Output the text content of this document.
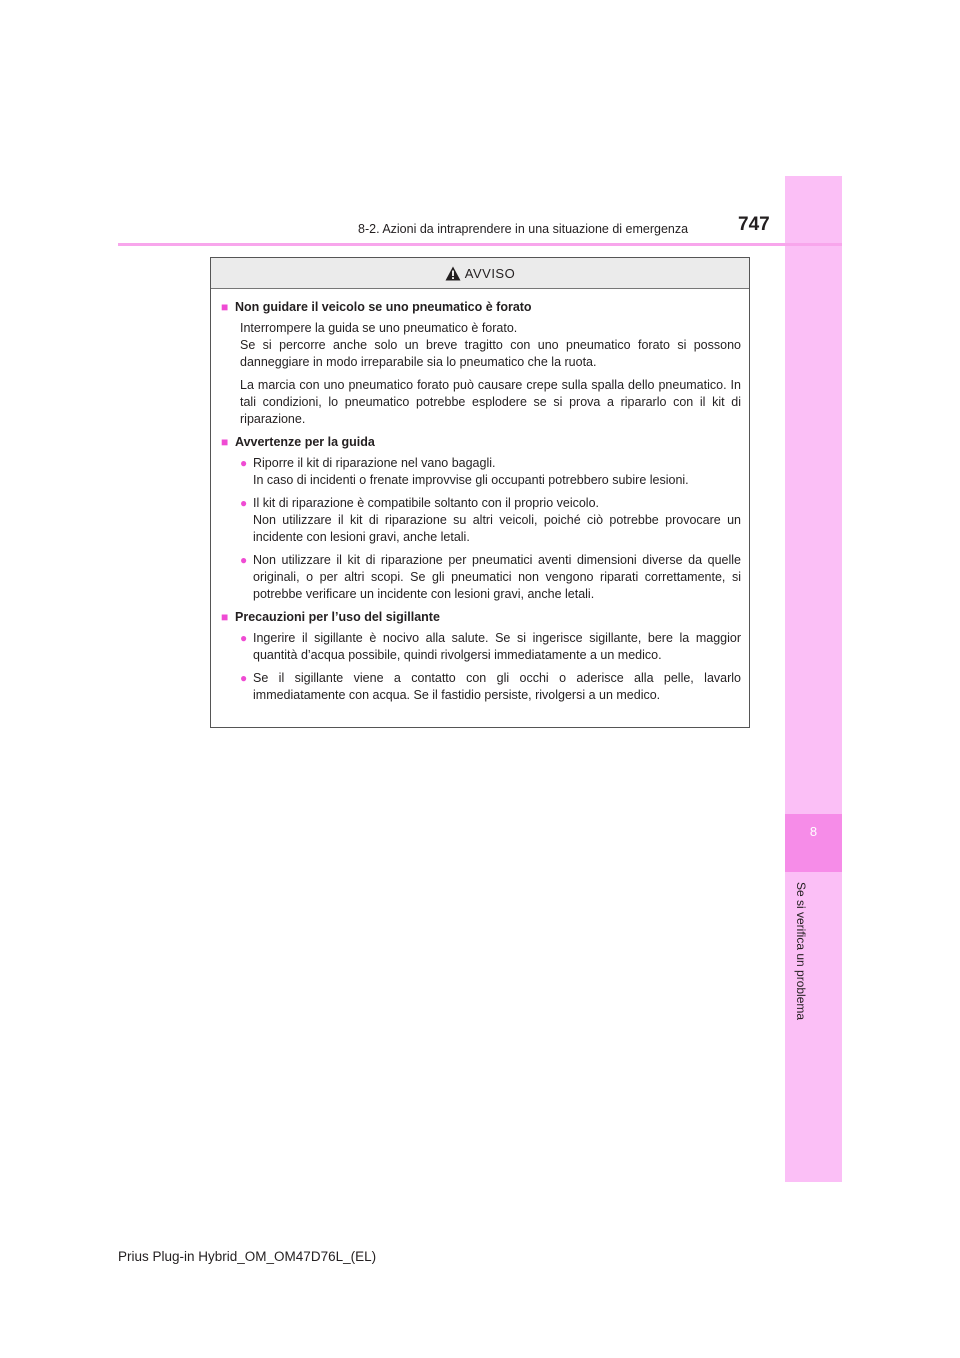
8
Se si verifica un problema
8-2. Azioni da intraprendere in una situazione di emergenza	747
AVVISO
■ Non guidare il veicolo se uno pneumatico è forato
Interrompere la guida se uno pneumatico è forato.
Se si percorre anche solo un breve tragitto con uno pneumatico forato si possono danneggiare in modo irreparabile sia lo pneumatico che la ruota.
La marcia con uno pneumatico forato può causare crepe sulla spalla dello pneumatico. In tali condizioni, lo pneumatico potrebbe esplodere se si prova a ripararlo con il kit di riparazione.
■ Avvertenze per la guida
● Riporre il kit di riparazione nel vano bagagli.
In caso di incidenti o frenate improvvise gli occupanti potrebbero subire lesioni.
● Il kit di riparazione è compatibile soltanto con il proprio veicolo.
Non utilizzare il kit di riparazione su altri veicoli, poiché ciò potrebbe provocare un incidente con lesioni gravi, anche letali.
● Non utilizzare il kit di riparazione per pneumatici aventi dimensioni diverse da quelle originali, o per altri scopi. Se gli pneumatici non vengono riparati correttamente, si potrebbe verificare un incidente con lesioni gravi, anche letali.
■ Precauzioni per l’uso del sigillante
● Ingerire il sigillante è nocivo alla salute. Se si ingerisce sigillante, bere la maggior quantità d’acqua possibile, quindi rivolgersi immediatamente a un medico.
● Se il sigillante viene a contatto con gli occhi o aderisce alla pelle, lavarlo immediatamente con acqua. Se il fastidio persiste, rivolgersi a un medico.
Prius Plug-in Hybrid_OM_OM47D76L_(EL)
